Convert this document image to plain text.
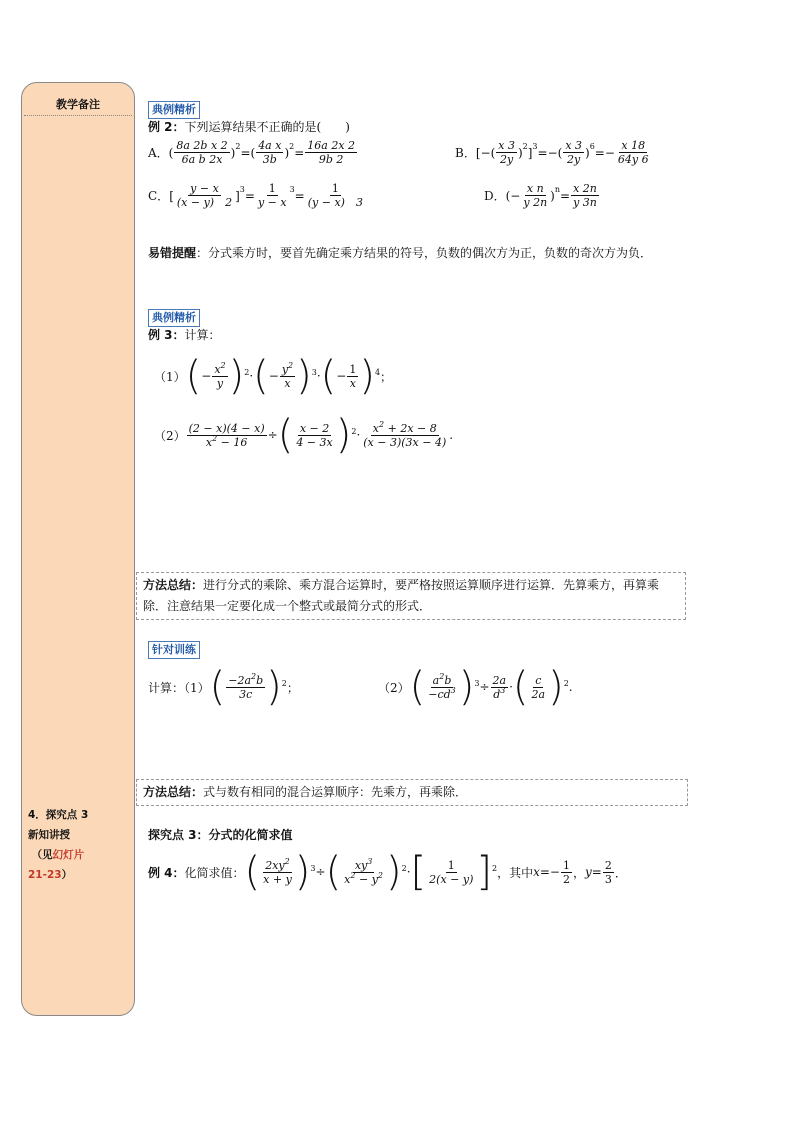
教学备注
4．探究点 3
新知讲授
（见幻灯片
21-23）
典例精析
例 2：下列运算结果不正确的是(　　)
A． ( $\frac{\text{8a 2b x 2}}{\text{6a b 2x}} )^2=( \frac{\text{4a x}}{3b} )^2= \frac{16a 2x 2}{9b 2}$	B． [−( $\frac{x 3}{2y} )^2]^3=-( \frac{x 3}{2y} )^6=- \frac{x 18}{64y 6}$
C． [ $\frac{y - x}{(x - y) 2} ]^3= \frac{1}{y - x} ^3= \frac{1}{(y - x) 3}$	D． (− $\frac{\text{x n}}{y 2n} )^n= \frac{x 2n}{y 3n}$
易错提醒：分式乘方时，要首先确定乘方结果的符号，负数的偶次方为正，负数的奇次方为负．
典例精析
例 3：计算：
（1） ( − $\frac{x^2}{y}$ ) 2 · ( − $\frac{y^2}{x}$ ) 3 · ( − $\frac{1}{x}$ ) 4 ；
$(2) \frac{(2 - x)(4 - x)}{x^2 - 16}$ ÷ ( $\frac{x - 2}{4 - 3x}$ ) $2 \cdot \frac{x^2 + 2x - 8}{(x - 3)(3x - 4)}$ .
方法总结：进行分式的乘除、乘方混合运算时，要严格按照运算顺序进行运算．先算乘方，再算乘除．注意结果一定要化成一个整式或最简分式的形式．
针对训练
计算：（1） ( $\frac{-2a^2b}{3c}$ ) 2 ；	（2） ( $\frac{a^2b}{-cd^3}$ ) $3 \div \frac{2a}{d^3}$ · ( $\frac{c}{2a}$ ) 2 .
方法总结：式与数有相同的混合运算顺序：先乘方，再乘除．
探究点 3：分式的化简求值
例 4： 化简求值： ( $\frac{2xy^2}{x + y}$ ) 3 ÷ ( $\frac{xy^3}{x^2 - y^2}$ ) 2 · [ $\frac{1}{2(x - y)}$ ] 2 ，其中 $x =- \frac{1}{2}$ ， $y = \frac{2}{3}$ ．
